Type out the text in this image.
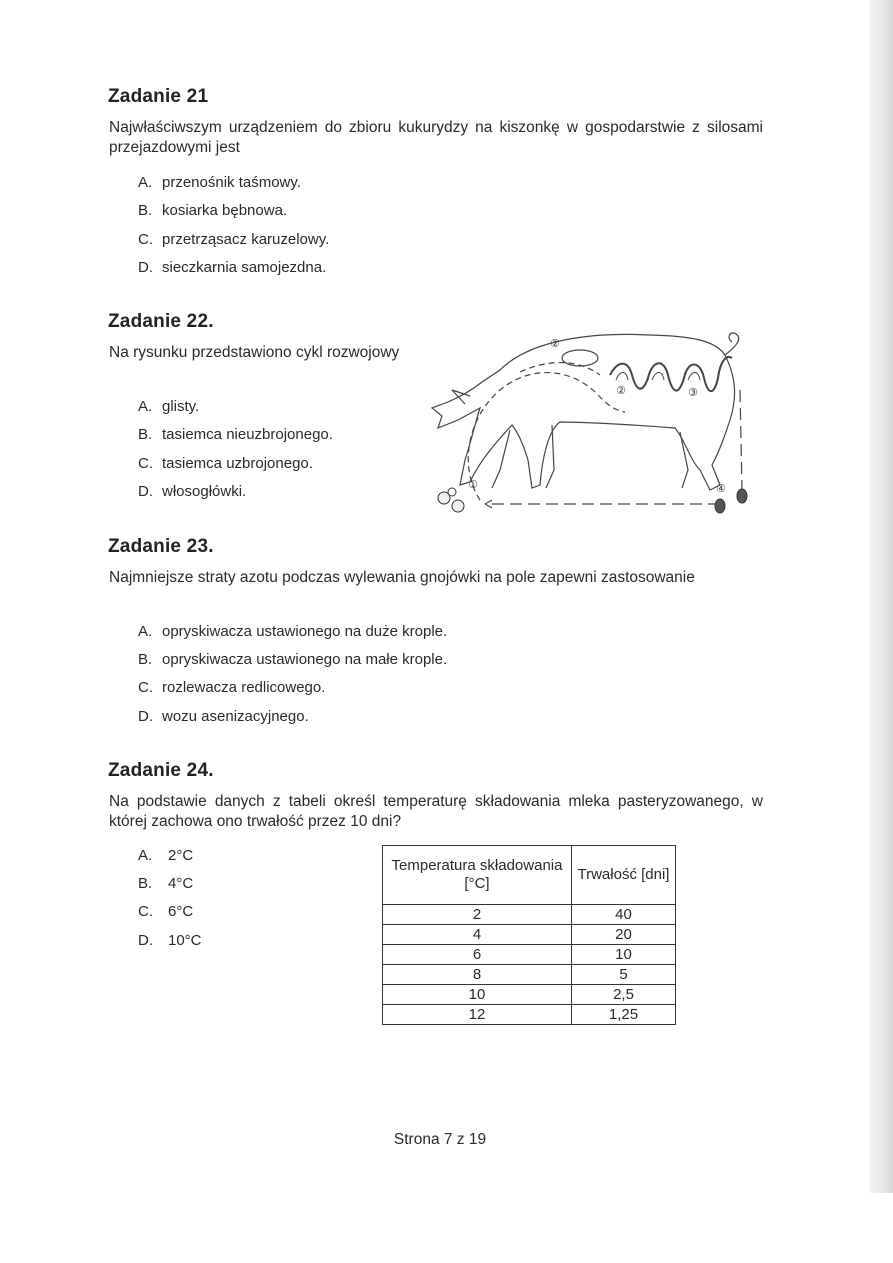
Zadanie 21

Najwłaściwszym urządzeniem do zbioru kukurydzy na kiszonkę w gospodarstwie z silosami przejazdowymi jest

A. przenośnik taśmowy.
B. kosiarka bębnowa.
C. przetrząsacz karuzelowy.
D. sieczkarnia samojezdna.
Zadanie 22.

Na rysunku przedstawiono cykl rozwojowy

A. glisty.
B. tasiemca nieuzbrojonego.
C. tasiemca uzbrojonego.
D. włosogłówki.	①
②
②	③
④
Zadanie 23.

Najmniejsze straty azotu podczas wylewania gnojówki na pole zapewni zastosowanie

A. opryskiwacza ustawionego na duże krople.
B. opryskiwacza ustawionego na małe krople.
C. rozlewacza redlicowego.
D. wozu asenizacyjnego.
Zadanie 24.

Na podstawie danych z tabeli określ temperaturę składowania mleka pasteryzowanego, w której zachowa ono trwałość przez 10 dni?

A. 2°C
B. 4°C
C. 6°C
D. 10°C
Temperatura składowania [°C]	Trwałość [dni]
2	40
4	20
6	10
8	5
10	2,5
12	1,25
Strona 7 z 19
